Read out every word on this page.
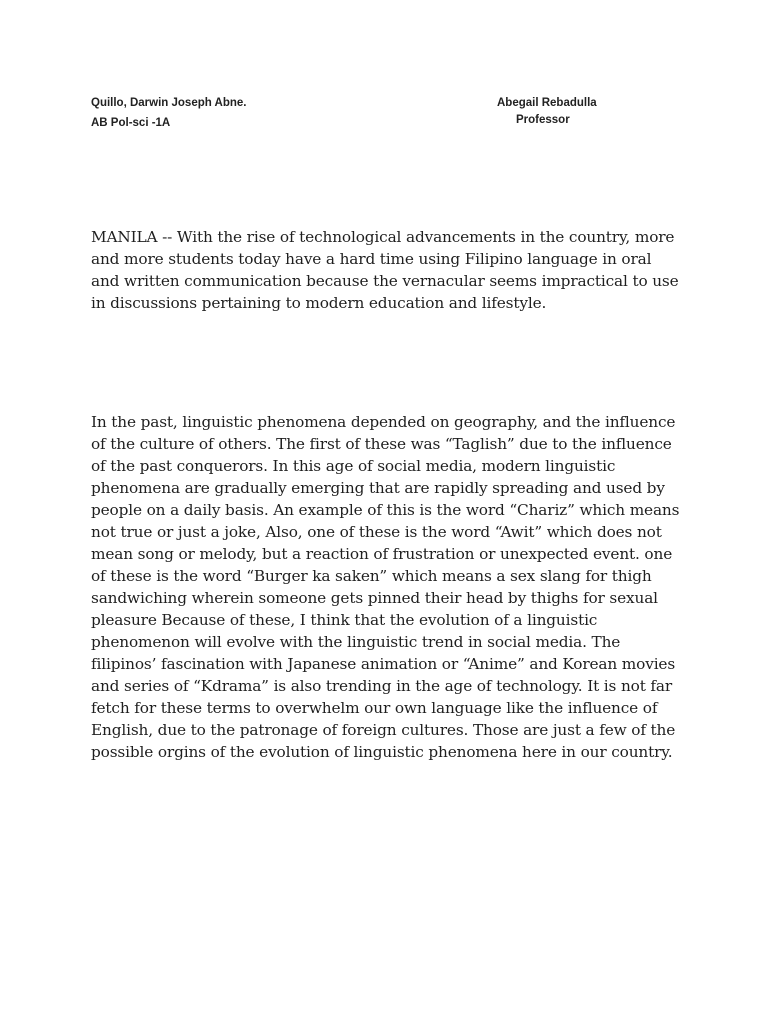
Quillo, Darwin Joseph Abne.
AB Pol-sci -1A
Abegail Rebadulla
Professor

MANILA -- With the rise of technological advancements in the country, more and more students today have a hard time using Filipino language in oral and written communication because the vernacular seems impractical to use in discussions pertaining to modern education and lifestyle.

In the past, linguistic phenomena depended on geography, and the influence of the culture of others. The first of these was “Taglish” due to the influence of the past conquerors. In this age of social media, modern linguistic phenomena are gradually emerging that are rapidly spreading and used by people on a daily basis. An example of this is the word “Chariz” which means not true or just a joke, Also, one of these is the word “Awit” which does not mean song or melody, but a reaction of frustration or unexpected event. one of these is the word “Burger ka saken” which means a sex slang for thigh sandwiching wherein someone gets pinned their head by thighs for sexual pleasure Because of these, I think that the evolution of a linguistic phenomenon will evolve with the linguistic trend in social media. The filipinos’ fascination with Japanese animation or “Anime” and Korean movies and series of “Kdrama” is also trending in the age of technology. It is not far fetch for these terms to overwhelm our own language like the influence of English, due to the patronage of foreign cultures. Those are just a few of the possible orgins of the evolution of linguistic phenomena here in our country.
